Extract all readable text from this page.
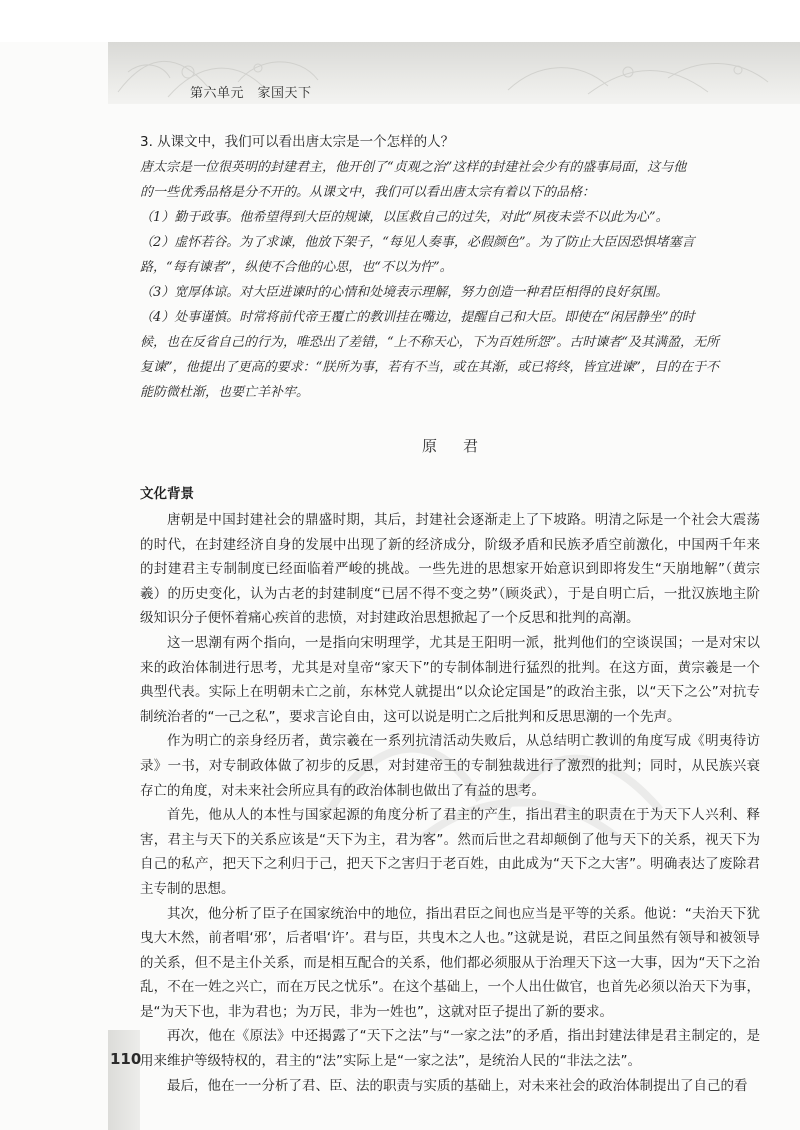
第六单元　家国天下

3. 从课文中，我们可以看出唐太宗是一个怎样的人？

唐太宗是一位很英明的封建君主，他开创了“贞观之治”这样的封建社会少有的盛事局面，这与他

的一些优秀品格是分不开的。从课文中，我们可以看出唐太宗有着以下的品格：

（1）勤于政事。他希望得到大臣的规谏，以匡救自己的过失，对此“夙夜未尝不以此为心”。

（2）虚怀若谷。为了求谏，他放下架子，“每见人奏事，必假颜色”。为了防止大臣因恐惧堵塞言

路，“每有谏者”，纵使不合他的心思，也“不以为忤”。

（3）宽厚体谅。对大臣进谏时的心情和处境表示理解，努力创造一种君臣相得的良好氛围。

（4）处事谨慎。时常将前代帝王覆亡的教训挂在嘴边，提醒自己和大臣。即使在“闲居静坐”的时

候，也在反省自己的行为，唯恐出了差错，“上不称天心，下为百姓所怨”。古时谏者“及其满盈，无所

复谏”，他提出了更高的要求：“朕所为事，若有不当，或在其渐，或已将终，皆宜进谏”，目的在于不

能防微杜渐，也要亡羊补牢。

原君
文化背景

唐朝是中国封建社会的鼎盛时期，其后，封建社会逐渐走上了下坡路。明清之际是一个社会大震荡的时代，在封建经济自身的发展中出现了新的经济成分，阶级矛盾和民族矛盾空前激化，中国两千年来的封建君主专制制度已经面临着严峻的挑战。一些先进的思想家开始意识到即将发生“天崩地解”（黄宗羲）的历史变化，认为古老的封建制度“已居不得不变之势”（顾炎武），于是自明亡后，一批汉族地主阶级知识分子便怀着痛心疾首的悲愤，对封建政治思想掀起了一个反思和批判的高潮。

这一思潮有两个指向，一是指向宋明理学，尤其是王阳明一派，批判他们的空谈误国；一是对宋以来的政治体制进行思考，尤其是对皇帝“家天下”的专制体制进行猛烈的批判。在这方面，黄宗羲是一个典型代表。实际上在明朝未亡之前，东林党人就提出“以众论定国是”的政治主张，以“天下之公”对抗专制统治者的“一己之私”，要求言论自由，这可以说是明亡之后批判和反思思潮的一个先声。

作为明亡的亲身经历者，黄宗羲在一系列抗清活动失败后，从总结明亡教训的角度写成《明夷待访录》一书，对专制政体做了初步的反思，对封建帝王的专制独裁进行了激烈的批判；同时，从民族兴衰存亡的角度，对未来社会所应具有的政治体制也做出了有益的思考。

首先，他从人的本性与国家起源的角度分析了君主的产生，指出君主的职责在于为天下人兴利、释害，君主与天下的关系应该是“天下为主，君为客”。然而后世之君却颠倒了他与天下的关系，视天下为自己的私产，把天下之利归于己，把天下之害归于老百姓，由此成为“天下之大害”。明确表达了废除君主专制的思想。

其次，他分析了臣子在国家统治中的地位，指出君臣之间也应当是平等的关系。他说：“夫治天下犹曳大木然，前者唱‘邪’，后者唱‘许’。君与臣，共曳木之人也。”这就是说，君臣之间虽然有领导和被领导的关系，但不是主仆关系，而是相互配合的关系，他们都必须服从于治理天下这一大事，因为“天下之治乱，不在一姓之兴亡，而在万民之忧乐”。在这个基础上，一个人出仕做官，也首先必须以治天下为事，是“为天下也，非为君也；为万民，非为一姓也”，这就对臣子提出了新的要求。

再次，他在《原法》中还揭露了“天下之法”与“一家之法”的矛盾，指出封建法律是君主制定的，是用来维护等级特权的，君主的“法”实际上是“一家之法”，是统治人民的“非法之法”。

最后，他在一一分析了君、臣、法的职责与实质的基础上，对未来社会的政治体制提出了自己的看

110
